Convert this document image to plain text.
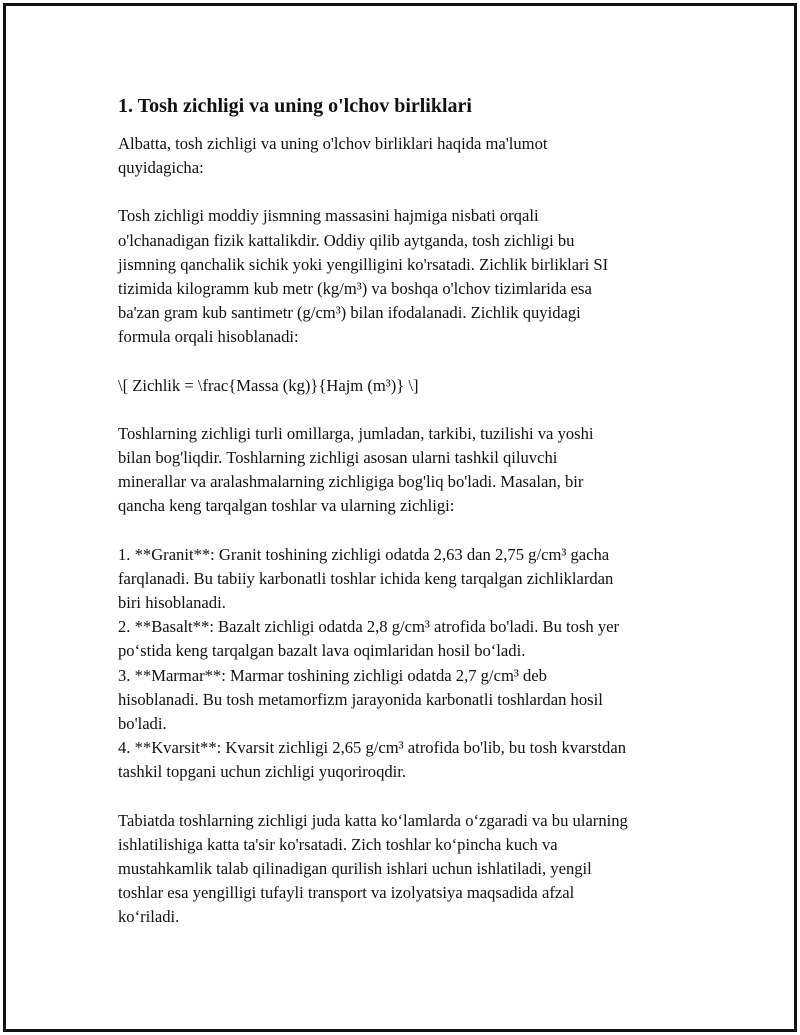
1. Tosh zichligi va uning o'lchov birliklari
Albatta, tosh zichligi va uning o'lchov birliklari haqida ma'lumot
quyidagicha:
Tosh zichligi moddiy jismning massasini hajmiga nisbati orqali
o'lchanadigan fizik kattalikdir. Oddiy qilib aytganda, tosh zichligi bu
jismning qanchalik sichik yoki yengilligini ko'rsatadi. Zichlik birliklari SI
tizimida kilogramm kub metr (kg/m³) va boshqa o'lchov tizimlarida esa
ba'zan gram kub santimetr (g/cm³) bilan ifodalanadi. Zichlik quyidagi
formula orqali hisoblanadi:
\[ Zichlik = \frac{Massa (kg)}{Hajm (m³)} \]
Toshlarning zichligi turli omillarga, jumladan, tarkibi, tuzilishi va yoshi
bilan bog'liqdir. Toshlarning zichligi asosan ularni tashkil qiluvchi
minerallar va aralashmalarning zichligiga bog'liq bo'ladi. Masalan, bir
qancha keng tarqalgan toshlar va ularning zichligi:
1. **Granit**: Granit toshining zichligi odatda 2,63 dan 2,75 g/cm³ gacha
farqlanadi. Bu tabiiy karbonatli toshlar ichida keng tarqalgan zichliklardan
biri hisoblanadi.
2. **Basalt**: Bazalt zichligi odatda 2,8 g/cm³ atrofida bo'ladi. Bu tosh yer
po‘stida keng tarqalgan bazalt lava oqimlaridan hosil bo‘ladi.
3. **Marmar**: Marmar toshining zichligi odatda 2,7 g/cm³ deb
hisoblanadi. Bu tosh metamorfizm jarayonida karbonatli toshlardan hosil
bo'ladi.
4. **Kvarsit**: Kvarsit zichligi 2,65 g/cm³ atrofida bo'lib, bu tosh kvarstdan
tashkil topgani uchun zichligi yuqoriroqdir.
Tabiatda toshlarning zichligi juda katta ko‘lamlarda o‘zgaradi va bu ularning
ishlatilishiga katta ta'sir ko'rsatadi. Zich toshlar ko‘pincha kuch va
mustahkamlik talab qilinadigan qurilish ishlari uchun ishlatiladi, yengil
toshlar esa yengilligi tufayli transport va izolyatsiya maqsadida afzal
ko‘riladi.
